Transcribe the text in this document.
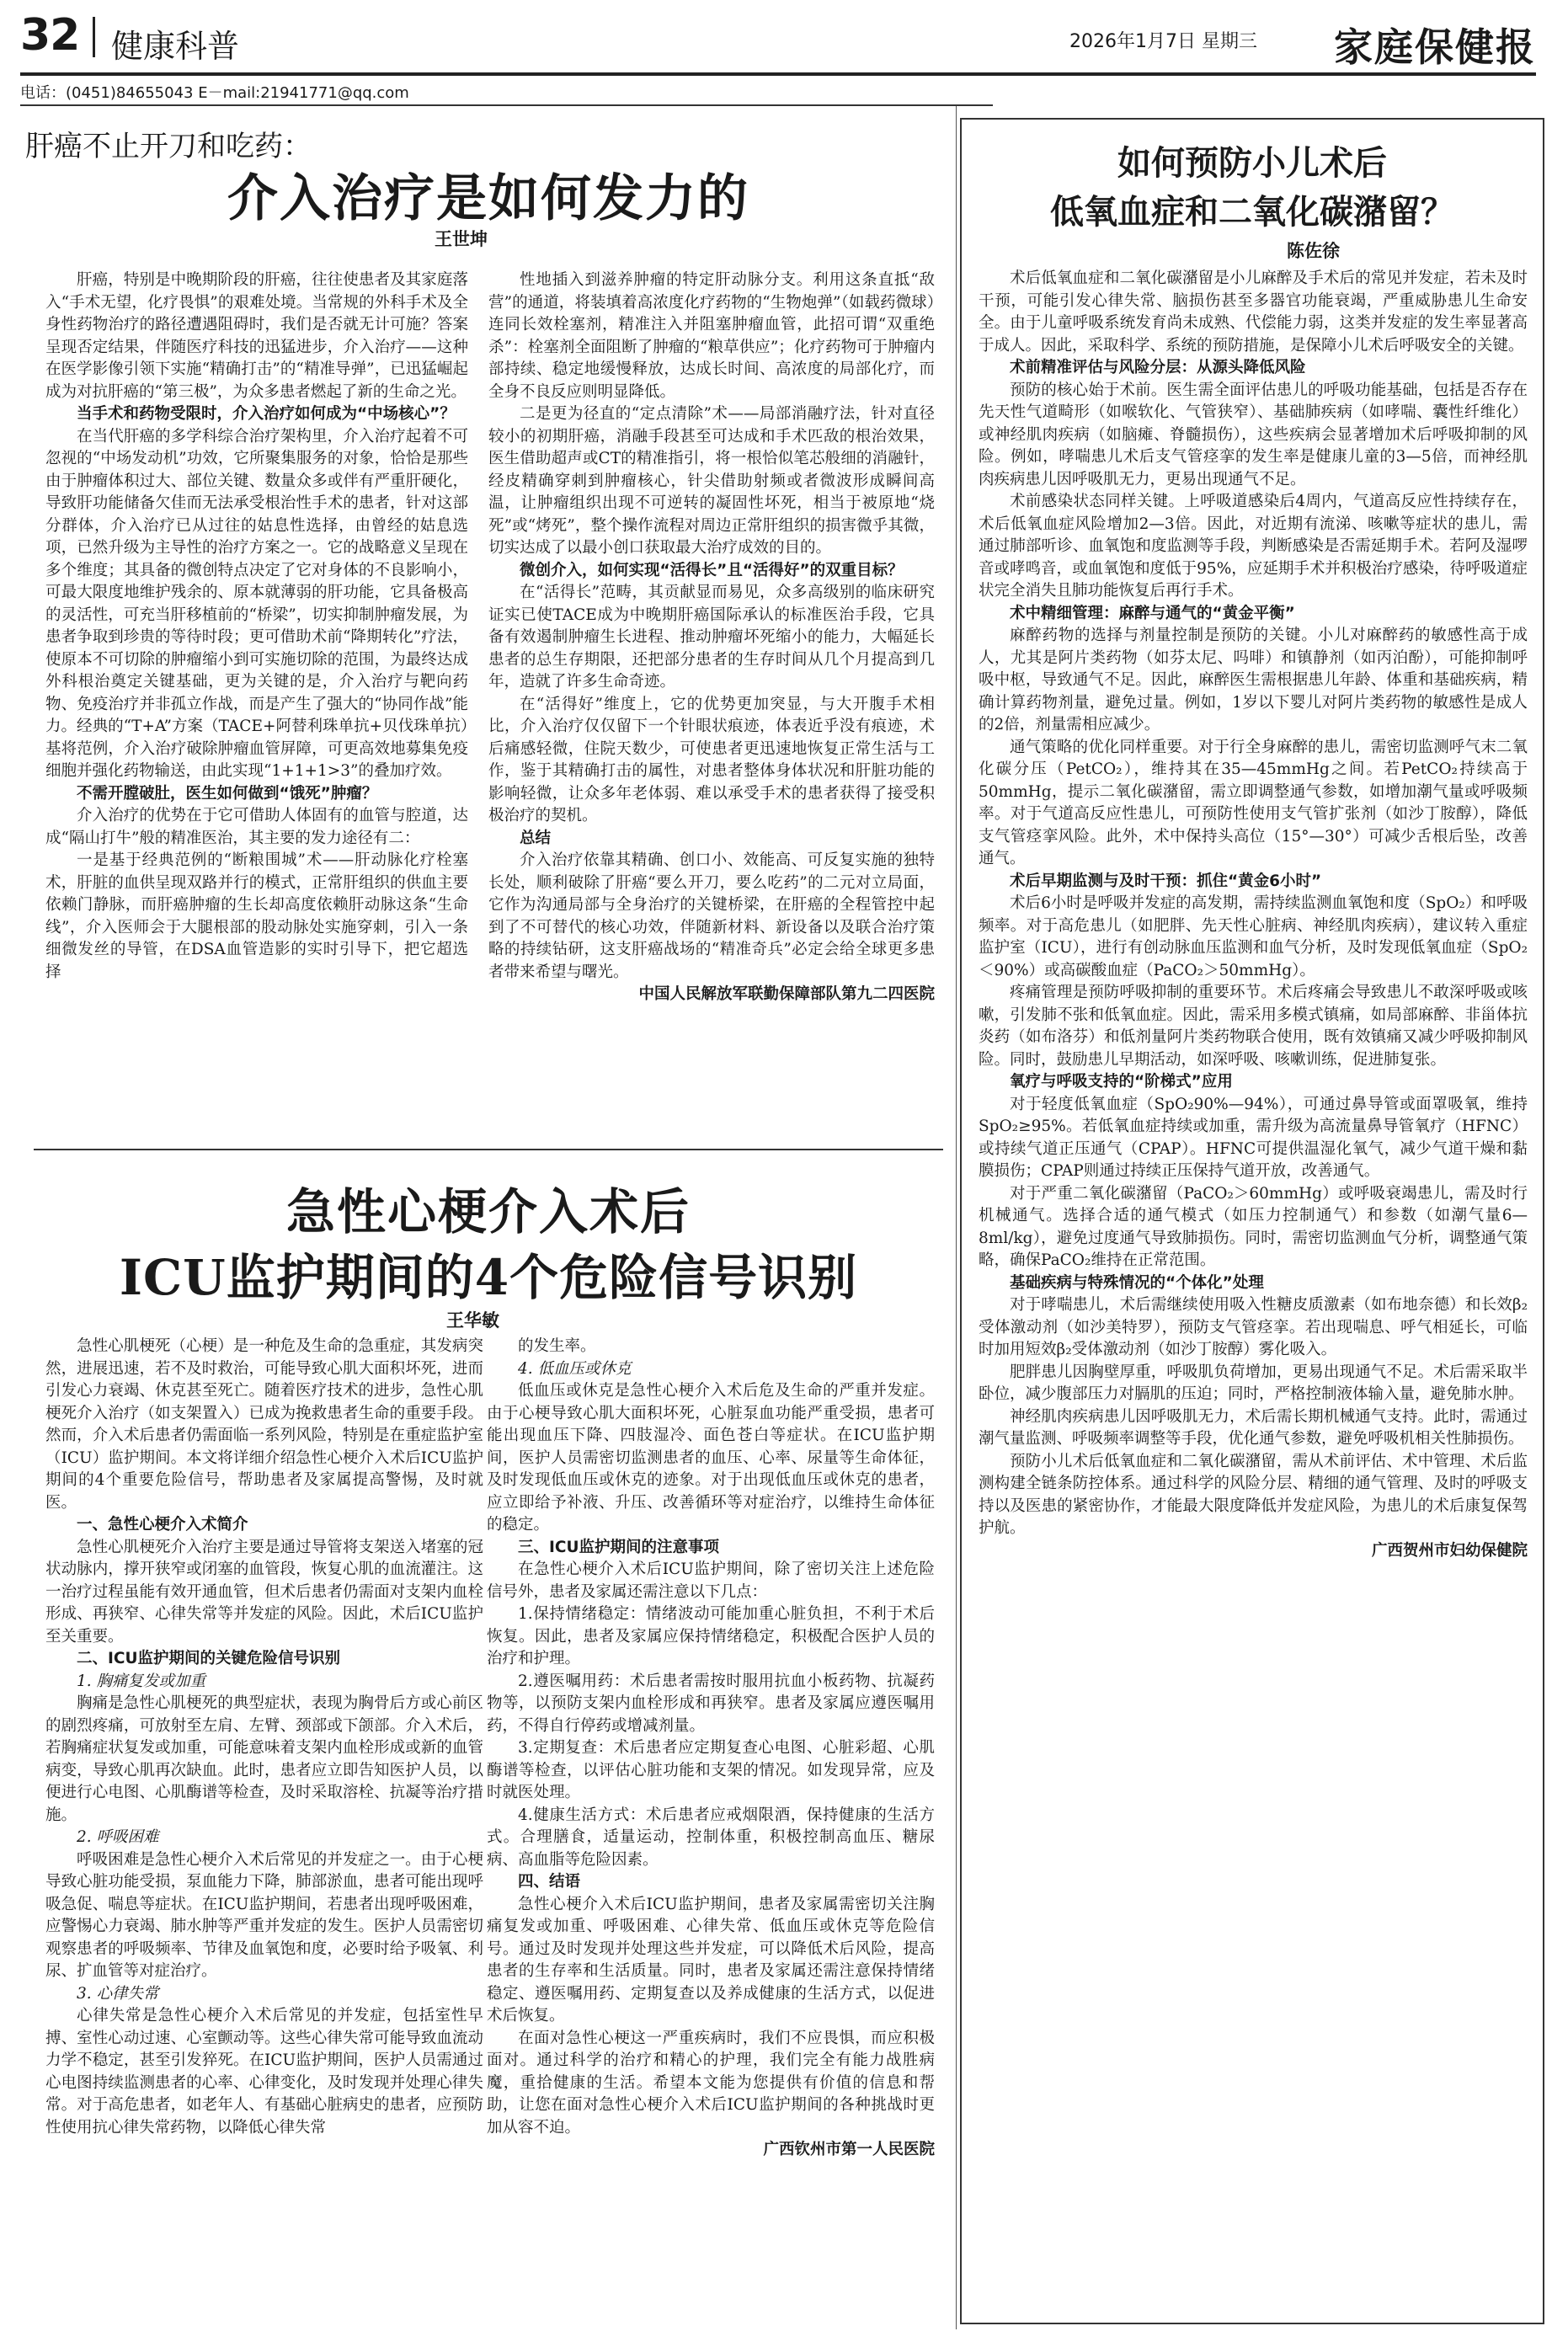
32 健康科普	2026年1月7日 星期三 家庭保健报
电话：(0451)84655043 E－mail:21941771@qq.com
肝癌不止开刀和吃药：
介入治疗是如何发力的
王世坤

肝癌，特别是中晚期阶段的肝癌，往往使患者及其家庭落入“手术无望，化疗畏惧”的艰难处境。当常规的外科手术及全身性药物治疗的路径遭遇阻碍时，我们是否就无计可施？答案呈现否定结果，伴随医疗科技的迅猛进步，介入治疗——这种在医学影像引领下实施“精确打击”的“精准导弹”，已迅猛崛起成为对抗肝癌的“第三极”，为众多患者燃起了新的生命之光。

当手术和药物受限时，介入治疗如何成为“中场核心”？

在当代肝癌的多学科综合治疗架构里，介入治疗起着不可忽视的“中场发动机”功效，它所聚集服务的对象，恰恰是那些由于肿瘤体积过大、部位关键、数量众多或伴有严重肝硬化，导致肝功能储备欠佳而无法承受根治性手术的患者，针对这部分群体，介入治疗已从过往的姑息性选择，由曾经的姑息选项，已然升级为主导性的治疗方案之一。它的战略意义呈现在多个维度；其具备的微创特点决定了它对身体的不良影响小，可最大限度地维护残余的、原本就薄弱的肝功能，它具备极高的灵活性，可充当肝移植前的“桥梁”，切实抑制肿瘤发展，为患者争取到珍贵的等待时段；更可借助术前“降期转化”疗法，使原本不可切除的肿瘤缩小到可实施切除的范围，为最终达成外科根治奠定关键基础，更为关键的是，介入治疗与靶向药物、免疫治疗并非孤立作战，而是产生了强大的“协同作战”能力。经典的“T+A”方案（TACE+阿替利珠单抗+贝伐珠单抗）基将范例，介入治疗破除肿瘤血管屏障，可更高效地募集免疫细胞并强化药物输送，由此实现“1+1+1>3”的叠加疗效。

不需开膛破肚，医生如何做到“饿死”肿瘤？

介入治疗的优势在于它可借助人体固有的血管与腔道，达成“隔山打牛”般的精准医治，其主要的发力途径有二：

一是基于经典范例的“断粮围城”术——肝动脉化疗栓塞术，肝脏的血供呈现双路并行的模式，正常肝组织的供血主要依赖门静脉，而肝癌肿瘤的生长却高度依赖肝动脉这条“生命线”，介入医师会于大腿根部的股动脉处实施穿刺，引入一条细微发丝的导管，在DSA血管造影的实时引导下，把它超选择

性地插入到滋养肿瘤的特定肝动脉分支。利用这条直抵“敌营”的通道，将装填着高浓度化疗药物的“生物炮弹”（如载药微球）连同长效栓塞剂，精准注入并阻塞肿瘤血管，此招可谓“双重绝杀”：栓塞剂全面阻断了肿瘤的“粮草供应”；化疗药物可于肿瘤内部持续、稳定地缓慢释放，达成长时间、高浓度的局部化疗，而全身不良反应则明显降低。

二是更为径直的“定点清除”术——局部消融疗法，针对直径较小的初期肝癌，消融手段甚至可达成和手术匹敌的根治效果，医生借助超声或CT的精准指引，将一根恰似笔芯般细的消融针，经皮精确穿刺到肿瘤核心，针尖借助射频或者微波形成瞬间高温，让肿瘤组织出现不可逆转的凝固性坏死，相当于被原地“烧死”或“烤死”，整个操作流程对周边正常肝组织的损害微乎其微，切实达成了以最小创口获取最大治疗成效的目的。

微创介入，如何实现“活得长”且“活得好”的双重目标？

在“活得长”范畴，其贡献显而易见，众多高级别的临床研究证实已使TACE成为中晚期肝癌国际承认的标准医治手段，它具备有效遏制肿瘤生长进程、推动肿瘤坏死缩小的能力，大幅延长患者的总生存期限，还把部分患者的生存时间从几个月提高到几年，造就了许多生命奇迹。

在“活得好”维度上，它的优势更加突显，与大开腹手术相比，介入治疗仅仅留下一个针眼状痕迹，体表近乎没有痕迹，术后痛感轻微，住院天数少，可使患者更迅速地恢复正常生活与工作，鉴于其精确打击的属性，对患者整体身体状况和肝脏功能的影响轻微，让众多年老体弱、难以承受手术的患者获得了接受积极治疗的契机。

总结

介入治疗依靠其精确、创口小、效能高、可反复实施的独特长处，顺利破除了肝癌“要么开刀，要么吃药”的二元对立局面，它作为沟通局部与全身治疗的关键桥梁，在肝癌的全程管控中起到了不可替代的核心功效，伴随新材料、新设备以及联合治疗策略的持续钻研，这支肝癌战场的“精准奇兵”必定会给全球更多患者带来希望与曙光。

中国人民解放军联勤保障部队第九二四医院

急性心梗介入术后
ICU监护期间的4个危险信号识别
王华敏

急性心肌梗死（心梗）是一种危及生命的急重症，其发病突然，进展迅速，若不及时救治，可能导致心肌大面积坏死，进而引发心力衰竭、休克甚至死亡。随着医疗技术的进步，急性心肌梗死介入治疗（如支架置入）已成为挽救患者生命的重要手段。然而，介入术后患者仍需面临一系列风险，特别是在重症监护室（ICU）监护期间。本文将详细介绍急性心梗介入术后ICU监护期间的4个重要危险信号，帮助患者及家属提高警惕，及时就医。

一、急性心梗介入术简介

急性心肌梗死介入治疗主要是通过导管将支架送入堵塞的冠状动脉内，撑开狭窄或闭塞的血管段，恢复心肌的血流灌注。这一治疗过程虽能有效开通血管，但术后患者仍需面对支架内血栓形成、再狭窄、心律失常等并发症的风险。因此，术后ICU监护至关重要。

二、ICU监护期间的关键危险信号识别
1. 胸痛复发或加重

胸痛是急性心肌梗死的典型症状，表现为胸骨后方或心前区的剧烈疼痛，可放射至左肩、左臂、颈部或下颌部。介入术后，若胸痛症状复发或加重，可能意味着支架内血栓形成或新的血管病变，导致心肌再次缺血。此时，患者应立即告知医护人员，以便进行心电图、心肌酶谱等检查，及时采取溶栓、抗凝等治疗措施。

2. 呼吸困难

呼吸困难是急性心梗介入术后常见的并发症之一。由于心梗导致心脏功能受损，泵血能力下降，肺部淤血，患者可能出现呼吸急促、喘息等症状。在ICU监护期间，若患者出现呼吸困难，应警惕心力衰竭、肺水肿等严重并发症的发生。医护人员需密切观察患者的呼吸频率、节律及血氧饱和度，必要时给予吸氧、利尿、扩血管等对症治疗。

3. 心律失常

心律失常是急性心梗介入术后常见的并发症，包括室性早搏、室性心动过速、心室颤动等。这些心律失常可能导致血流动力学不稳定，甚至引发猝死。在ICU监护期间，医护人员需通过心电图持续监测患者的心率、心律变化，及时发现并处理心律失常。对于高危患者，如老年人、有基础心脏病史的患者，应预防性使用抗心律失常药物，以降低心律失常

的发生率。

4. 低血压或休克

低血压或休克是急性心梗介入术后危及生命的严重并发症。由于心梗导致心肌大面积坏死，心脏泵血功能严重受损，患者可能出现血压下降、四肢湿冷、面色苍白等症状。在ICU监护期间，医护人员需密切监测患者的血压、心率、尿量等生命体征，及时发现低血压或休克的迹象。对于出现低血压或休克的患者，应立即给予补液、升压、改善循环等对症治疗，以维持生命体征的稳定。

三、ICU监护期间的注意事项

在急性心梗介入术后ICU监护期间，除了密切关注上述危险信号外，患者及家属还需注意以下几点：

1.保持情绪稳定：情绪波动可能加重心脏负担，不利于术后恢复。因此，患者及家属应保持情绪稳定，积极配合医护人员的治疗和护理。

2.遵医嘱用药：术后患者需按时服用抗血小板药物、抗凝药物等，以预防支架内血栓形成和再狭窄。患者及家属应遵医嘱用药，不得自行停药或增减剂量。

3.定期复查：术后患者应定期复查心电图、心脏彩超、心肌酶谱等检查，以评估心脏功能和支架的情况。如发现异常，应及时就医处理。

4.健康生活方式：术后患者应戒烟限酒，保持健康的生活方式。合理膳食，适量运动，控制体重，积极控制高血压、糖尿病、高血脂等危险因素。

四、结语

急性心梗介入术后ICU监护期间，患者及家属需密切关注胸痛复发或加重、呼吸困难、心律失常、低血压或休克等危险信号。通过及时发现并处理这些并发症，可以降低术后风险，提高患者的生存率和生活质量。同时，患者及家属还需注意保持情绪稳定、遵医嘱用药、定期复查以及养成健康的生活方式，以促进术后恢复。

在面对急性心梗这一严重疾病时，我们不应畏惧，而应积极面对。通过科学的治疗和精心的护理，我们完全有能力战胜病魔，重拾健康的生活。希望本文能为您提供有价值的信息和帮助，让您在面对急性心梗介入术后ICU监护期间的各种挑战时更加从容不迫。

广西钦州市第一人民医院

如何预防小儿术后
低氧血症和二氧化碳潴留？
陈佐徐

术后低氧血症和二氧化碳潴留是小儿麻醉及手术后的常见并发症，若未及时干预，可能引发心律失常、脑损伤甚至多器官功能衰竭，严重威胁患儿生命安全。由于儿童呼吸系统发育尚未成熟、代偿能力弱，这类并发症的发生率显著高于成人。因此，采取科学、系统的预防措施，是保障小儿术后呼吸安全的关键。

术前精准评估与风险分层：从源头降低风险

预防的核心始于术前。医生需全面评估患儿的呼吸功能基础，包括是否存在先天性气道畸形（如喉软化、气管狭窄）、基础肺疾病（如哮喘、囊性纤维化）或神经肌肉疾病（如脑瘫、脊髓损伤），这些疾病会显著增加术后呼吸抑制的风险。例如，哮喘患儿术后支气管痉挛的发生率是健康儿童的3—5倍，而神经肌肉疾病患儿因呼吸肌无力，更易出现通气不足。

术前感染状态同样关键。上呼吸道感染后4周内，气道高反应性持续存在，术后低氧血症风险增加2—3倍。因此，对近期有流涕、咳嗽等症状的患儿，需通过肺部听诊、血氧饱和度监测等手段，判断感染是否需延期手术。若阿及湿啰音或哮鸣音，或血氧饱和度低于95%，应延期手术并积极治疗感染，待呼吸道症状完全消失且肺功能恢复后再行手术。

术中精细管理：麻醉与通气的“黄金平衡”

麻醉药物的选择与剂量控制是预防的关键。小儿对麻醉药的敏感性高于成人，尤其是阿片类药物（如芬太尼、吗啡）和镇静剂（如丙泊酚），可能抑制呼吸中枢，导致通气不足。因此，麻醉医生需根据患儿年龄、体重和基础疾病，精确计算药物剂量，避免过量。例如，1岁以下婴儿对阿片类药物的敏感性是成人的2倍，剂量需相应减少。

通气策略的优化同样重要。对于行全身麻醉的患儿，需密切监测呼气末二氧化碳分压（PetCO₂），维持其在35—45mmHg之间。若PetCO₂持续高于50mmHg，提示二氧化碳潴留，需立即调整通气参数，如增加潮气量或呼吸频率。对于气道高反应性患儿，可预防性使用支气管扩张剂（如沙丁胺醇），降低支气管痉挛风险。此外，术中保持头高位（15°—30°）可减少舌根后坠，改善通气。

术后早期监测与及时干预：抓住“黄金6小时”

术后6小时是呼吸并发症的高发期，需持续监测血氧饱和度（SpO₂）和呼吸频率。对于高危患儿（如肥胖、先天性心脏病、神经肌肉疾病），建议转入重症监护室（ICU），进行有创动脉血压监测和血气分析，及时发现低氧血症（SpO₂＜90%）或高碳酸血症（PaCO₂＞50mmHg）。

疼痛管理是预防呼吸抑制的重要环节。术后疼痛会导致患儿不敢深呼吸或咳嗽，引发肺不张和低氧血症。因此，需采用多模式镇痛，如局部麻醉、非甾体抗炎药（如布洛芬）和低剂量阿片类药物联合使用，既有效镇痛又减少呼吸抑制风险。同时，鼓励患儿早期活动，如深呼吸、咳嗽训练，促进肺复张。

氧疗与呼吸支持的“阶梯式”应用

对于轻度低氧血症（SpO₂90%—94%），可通过鼻导管或面罩吸氧，维持SpO₂≥95%。若低氧血症持续或加重，需升级为高流量鼻导管氧疗（HFNC）或持续气道正压通气（CPAP）。HFNC可提供温湿化氧气，减少气道干燥和黏膜损伤；CPAP则通过持续正压保持气道开放，改善通气。

对于严重二氧化碳潴留（PaCO₂＞60mmHg）或呼吸衰竭患儿，需及时行机械通气。选择合适的通气模式（如压力控制通气）和参数（如潮气量6—8ml/kg），避免过度通气导致肺损伤。同时，需密切监测血气分析，调整通气策略，确保PaCO₂维持在正常范围。

基础疾病与特殊情况的“个体化”处理

对于哮喘患儿，术后需继续使用吸入性糖皮质激素（如布地奈德）和长效β₂受体激动剂（如沙美特罗），预防支气管痉挛。若出现喘息、呼气相延长，可临时加用短效β₂受体激动剂（如沙丁胺醇）雾化吸入。

肥胖患儿因胸壁厚重，呼吸肌负荷增加，更易出现通气不足。术后需采取半卧位，减少腹部压力对膈肌的压迫；同时，严格控制液体输入量，避免肺水肿。

神经肌肉疾病患儿因呼吸肌无力，术后需长期机械通气支持。此时，需通过潮气量监测、呼吸频率调整等手段，优化通气参数，避免呼吸机相关性肺损伤。

预防小儿术后低氧血症和二氧化碳潴留，需从术前评估、术中管理、术后监测构建全链条防控体系。通过科学的风险分层、精细的通气管理、及时的呼吸支持以及医患的紧密协作，才能最大限度降低并发症风险，为患儿的术后康复保驾护航。

广西贺州市妇幼保健院
